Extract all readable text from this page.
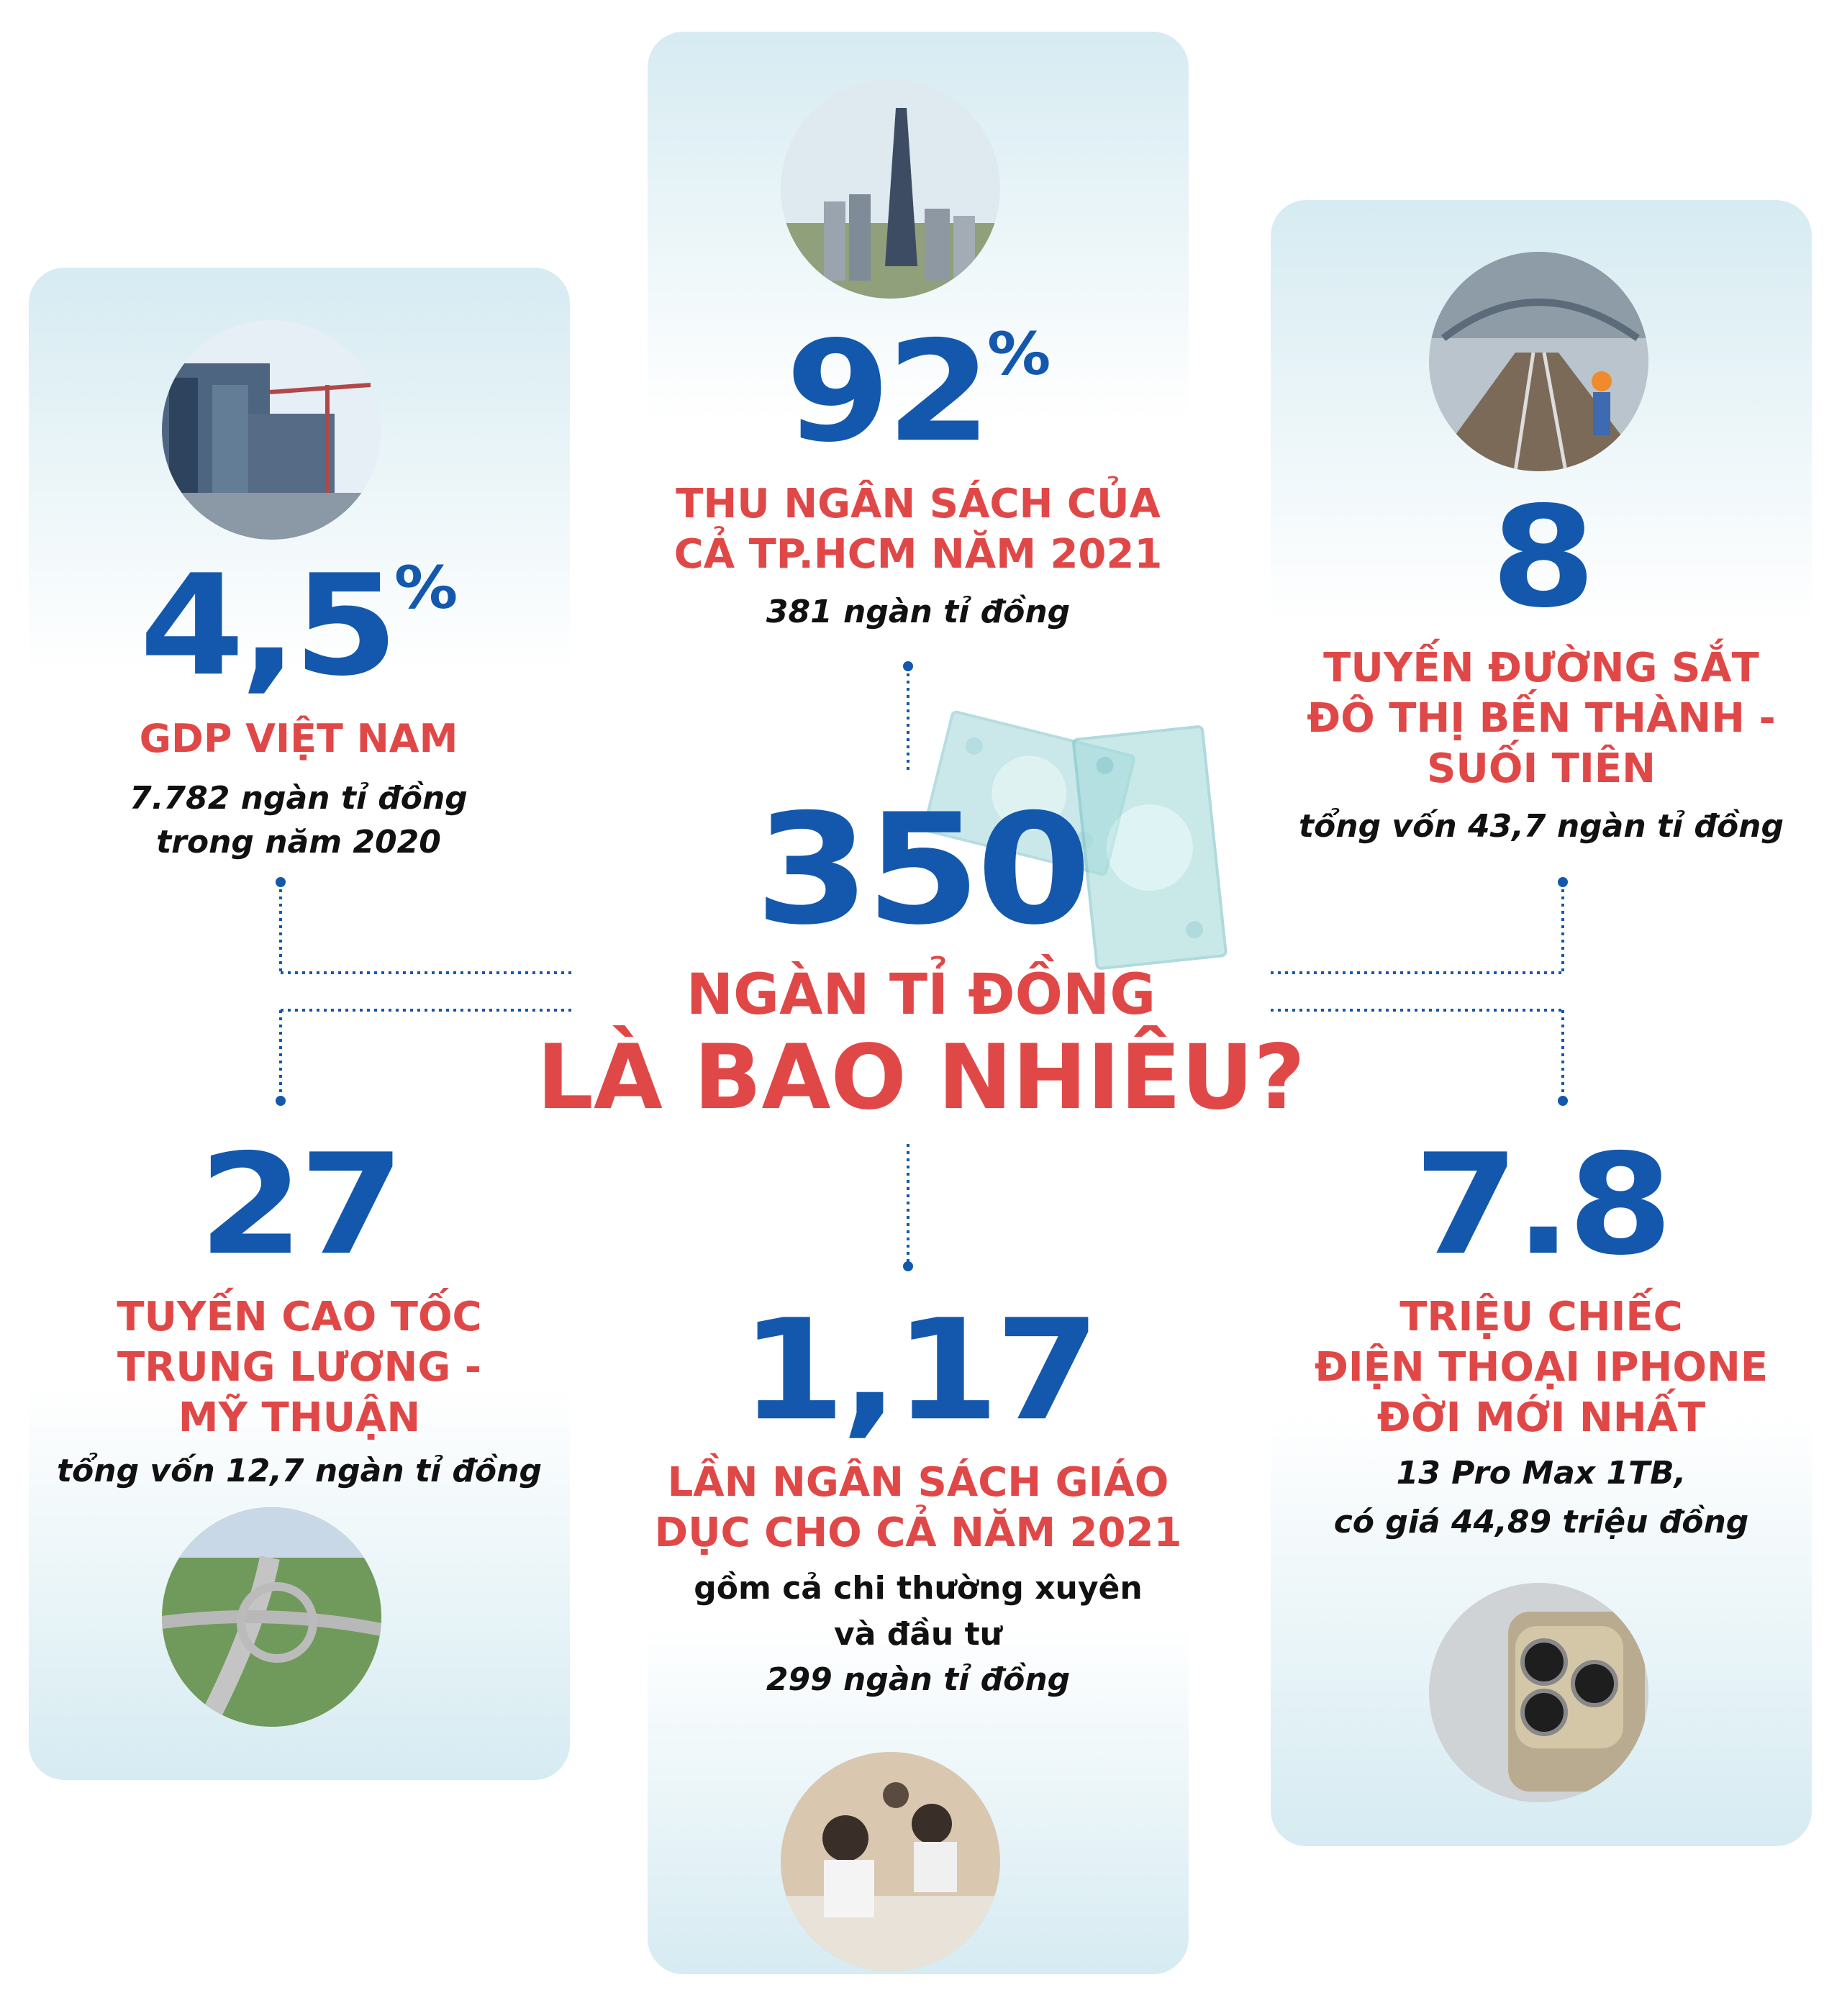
4,5%
GDP VIỆT NAM
7.782 ngàn tỉ đồng
trong năm 2020
92%
THU NGÂN SÁCH CỦA
CẢ TP.HCM NĂM 2021
381 ngàn tỉ đồng	8
TUYẾN ĐƯỜNG SẮT
ĐÔ THỊ BẾN THÀNH -
SUỐI TIÊN
tổng vốn 43,7 ngàn tỉ đồng
350
NGÀN TỈ ĐỒNG
LÀ BAO NHIÊU?
27
TUYẾN CAO TỐC
TRUNG LƯƠNG -
MỸ THUẬN
tổng vốn 12,7 ngàn tỉ đồng
1,17
LẦN NGÂN SÁCH GIÁO
DỤC CHO CẢ NĂM 2021
gồm cả chi thường xuyên
và đầu tư
299 ngàn tỉ đồng
7.8
TRIỆU CHIẾC
ĐIỆN THOẠI IPHONE
ĐỜI MỚI NHẤT
13 Pro Max 1TB,
có giá 44,89 triệu đồng
